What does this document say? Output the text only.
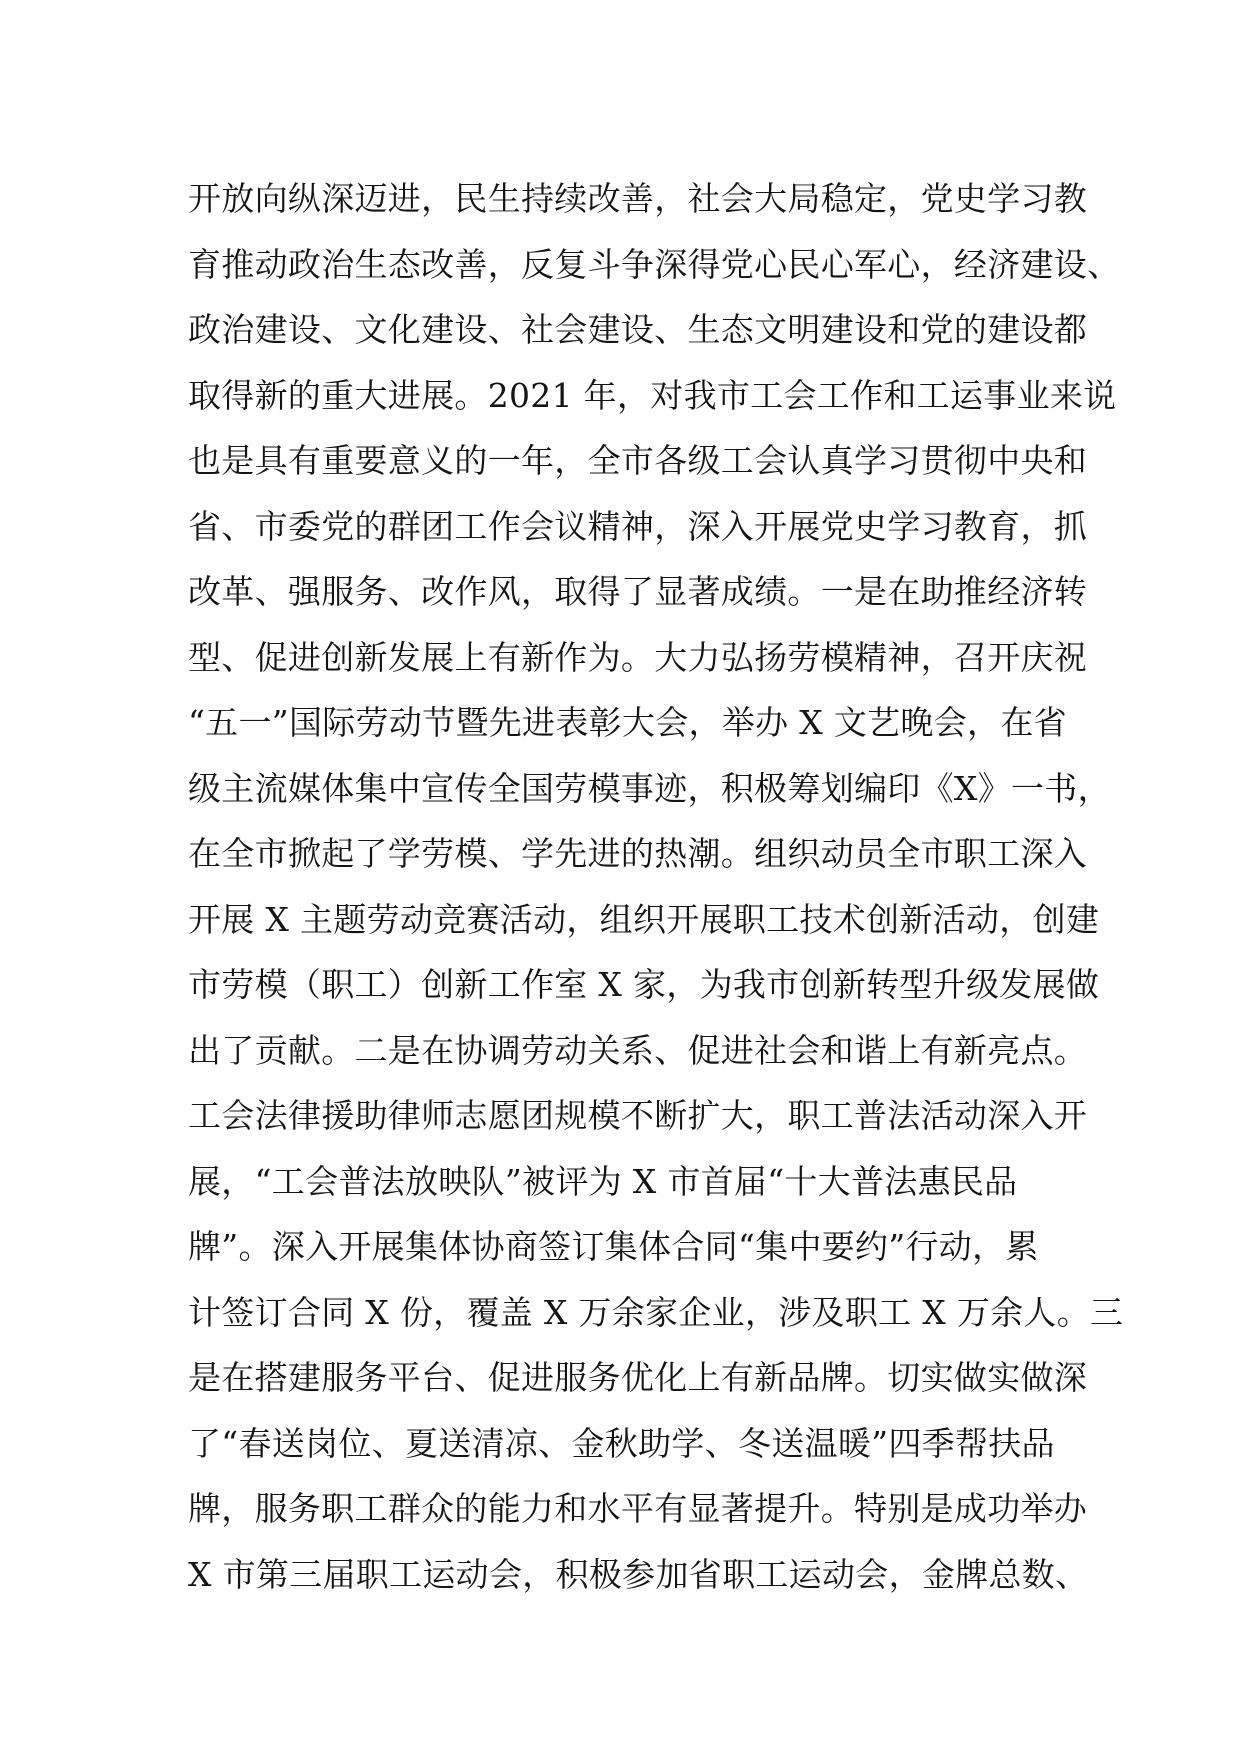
开放向纵深迈进，民生持续改善，社会大局稳定，党史学习教
育推动政治生态改善，反复斗争深得党心民心军心，经济建设、
政治建设、文化建设、社会建设、生态文明建设和党的建设都
取得新的重大进展。2021 年，对我市工会工作和工运事业来说
也是具有重要意义的一年，全市各级工会认真学习贯彻中央和
省、市委党的群团工作会议精神，深入开展党史学习教育，抓
改革、强服务、改作风，取得了显著成绩。一是在助推经济转
型、促进创新发展上有新作为。大力弘扬劳模精神，召开庆祝
“五一”国际劳动节暨先进表彰大会，举办 X 文艺晚会，在省
级主流媒体集中宣传全国劳模事迹，积极筹划编印《X》一书，
在全市掀起了学劳模、学先进的热潮。组织动员全市职工深入
开展 X 主题劳动竞赛活动，组织开展职工技术创新活动，创建
市劳模（职工）创新工作室 X 家，为我市创新转型升级发展做
出了贡献。二是在协调劳动关系、促进社会和谐上有新亮点。
工会法律援助律师志愿团规模不断扩大，职工普法活动深入开
展，“工会普法放映队”被评为 X 市首届“十大普法惠民品
牌”。深入开展集体协商签订集体合同“集中要约”行动，累
计签订合同 X 份，覆盖 X 万余家企业，涉及职工 X 万余人。三
是在搭建服务平台、促进服务优化上有新品牌。切实做实做深
了“春送岗位、夏送清凉、金秋助学、冬送温暖”四季帮扶品
牌，服务职工群众的能力和水平有显著提升。特别是成功举办
X 市第三届职工运动会，积极参加省职工运动会，金牌总数、
